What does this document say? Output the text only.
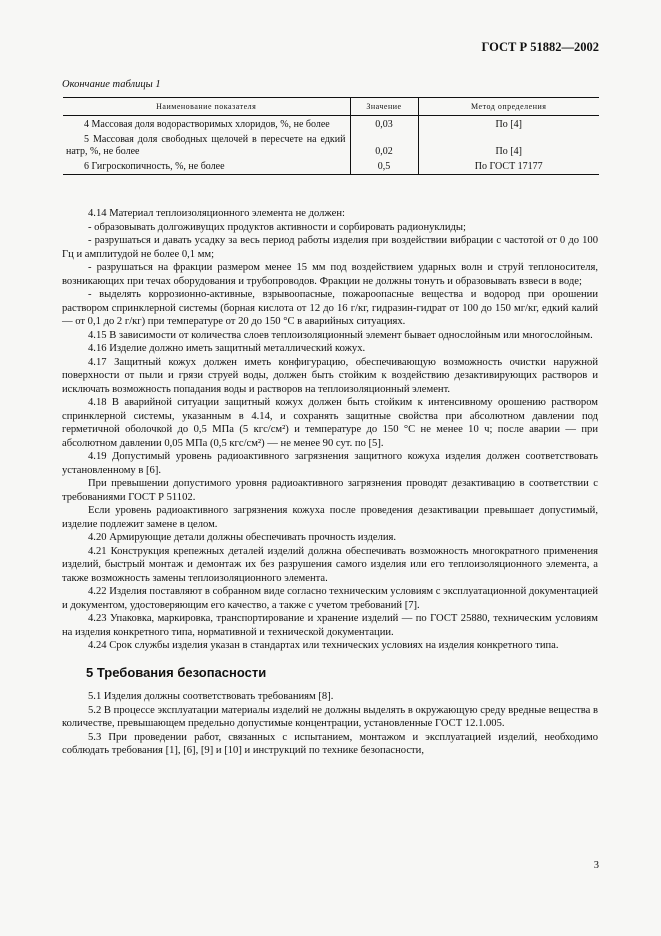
ГОСТ Р 51882—2002
Окончание таблицы 1
Наименование показателя	Значение	Метод определения
4 Массовая доля водорастворимых хлоридов, %, не более	0,03	По [4]
5 Массовая доля свободных щелочей в пересчете на едкий натр, %, не более	0,02	По [4]
6 Гигроскопичность, %, не более	0,5	По ГОСТ 17177

4.14 Материал теплоизоляционного элемента не должен:

- образовывать долгоживущих продуктов активности и сорбировать радионуклиды;

- разрушаться и давать усадку за весь период работы изделия при воздействии вибрации с частотой от 0 до 100 Гц и амплитудой не более 0,1 мм;

- разрушаться на фракции размером менее 15 мм под воздействием ударных волн и струй теплоносителя, возникающих при течах оборудования и трубопроводов. Фракции не должны тонуть и образовывать взвеси в воде;

- выделять коррозионно-активные, взрывоопасные, пожароопасные вещества и водород при орошении раствором спринклерной системы (борная кислота от 12 до 16 г/кг, гидразин-гидрат от 100 до 150 мг/кг, едкий калий — от 0,1 до 2 г/кг) при температуре от 20 до 150 °С в аварийных ситуациях.

4.15 В зависимости от количества слоев теплоизоляционный элемент бывает однослойным или многослойным.

4.16 Изделие должно иметь защитный металлический кожух.

4.17 Защитный кожух должен иметь конфигурацию, обеспечивающую возможность очистки наружной поверхности от пыли и грязи струей воды, должен быть стойким к воздействию дезактивирующих растворов и исключать возможность попадания воды и растворов на теплоизоляционный элемент.

4.18 В аварийной ситуации защитный кожух должен быть стойким к интенсивному орошению раствором спринклерной системы, указанным в 4.14, и сохранять защитные свойства при абсолютном давлении под герметичной оболочкой до 0,5 МПа (5 кгс/см²) и температуре до 150 °С не менее 10 ч; после аварии — при абсолютном давлении 0,05 МПа (0,5 кгс/см²) — не менее 90 сут. по [5].

4.19 Допустимый уровень радиоактивного загрязнения защитного кожуха изделия должен соответствовать установленному в [6].

При превышении допустимого уровня радиоактивного загрязнения проводят дезактивацию в соответствии с требованиями ГОСТ Р 51102.

Если уровень радиоактивного загрязнения кожуха после проведения дезактивации превышает допустимый, изделие подлежит замене в целом.

4.20 Армирующие детали должны обеспечивать прочность изделия.

4.21 Конструкция крепежных деталей изделий должна обеспечивать возможность многократного применения изделий, быстрый монтаж и демонтаж их без разрушения самого изделия или его теплоизоляционного элемента, а также возможность замены теплоизоляционного элемента.

4.22 Изделия поставляют в собранном виде согласно техническим условиям с эксплуатационной документацией и документом, удостоверяющим его качество, а также с учетом требований [7].

4.23 Упаковка, маркировка, транспортирование и хранение изделий — по ГОСТ 25880, техническим условиям на изделия конкретного типа, нормативной и технической документации.

4.24 Срок службы изделия указан в стандартах или технических условиях на изделия конкретного типа.

5 Требования безопасности

5.1 Изделия должны соответствовать требованиям [8].

5.2 В процессе эксплуатации материалы изделий не должны выделять в окружающую среду вредные вещества в количестве, превышающем предельно допустимые концентрации, установленные ГОСТ 12.1.005.

5.3 При проведении работ, связанных с испытанием, монтажом и эксплуатацией изделий, необходимо соблюдать требования [1], [6], [9] и [10] и инструкций по технике безопасности,

3
